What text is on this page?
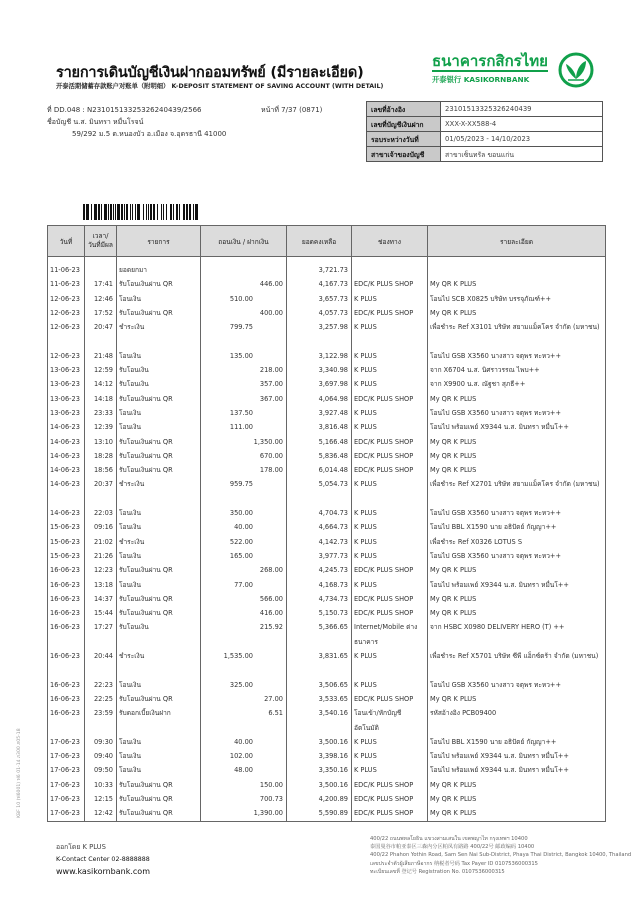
รายการเดินบัญชีเงินฝากออมทรัพย์ (มีรายละเอียด)
开泰活期储蓄存款账户对账单（附明细） K-DEPOSIT STATEMENT OF SAVING ACCOUNT (WITH DETAIL)
ธนาคารกสิกรไทย
开泰银行 KASIKORNBANK
ที่ DD.048 : N2310151332532624043​9/2566	หน้าที่ 7/37 (0871)
ชื่อบัญชี น.ส. มินทรา หมื่นโรจน์
59/292 ม.5 ต.หนองบัว อ.เมือง จ.อุดรธานี 41000
เลขที่อ้างอิง	231015133253262404​39
เลขที่บัญชีเงินฝาก	XXX-X-XX588-4
รอบระหว่างวันที่	01/05/2023 - 14/10/2023
สาขาเจ้าของบัญชี	สาขาเซ็นทรัล ขอนแก่น
วันที่	เวลา/
วันที่มีผล	รายการ	ถอนเงิน / ฝากเงิน	ยอดคงเหลือ	ช่องทาง	รายละเอียด
11-06-23		ยอดยกมา		3,721.73		
11-06-23	17:41	รับโอนเงินผ่าน QR	446.00	4,167.73	EDC/K PLUS SHOP	My QR K PLUS
12-06-23	12:46	โอนเงิน	510.00	3,657.73	K PLUS	โอนไป SCB X0825 บริษัท บรรจุภัณฑ์++
12-06-23	17:52	รับโอนเงินผ่าน QR	400.00	4,057.73	EDC/K PLUS SHOP	My QR K PLUS
12-06-23	20:47	ชำระเงิน	799.75	3,257.98	K PLUS	เพื่อชำระ Ref X3101 บริษัท สยามแม็คโคร จำกัด (มหาชน)
12-06-23	21:48	โอนเงิน	135.00	3,122.98	K PLUS	โอนไป GSB X3560 นางสาว จตุพร ทะหว++
13-06-23	12:59	รับโอนเงิน	218.00	3,340.98	K PLUS	จาก X6704 น.ส. นิศราวรรณ ไพบ++
13-06-23	14:12	รับโอนเงิน	357.00	3,697.98	K PLUS	จาก X9900 น.ส. ณัฐชา สุภธี++
13-06-23	14:18	รับโอนเงินผ่าน QR	367.00	4,064.98	EDC/K PLUS SHOP	My QR K PLUS
13-06-23	23:33	โอนเงิน	137.50	3,927.48	K PLUS	โอนไป GSB X3560 นางสาว จตุพร ทะหว++
14-06-23	12:39	โอนเงิน	111.00	3,816.48	K PLUS	โอนไป พร้อมเพย์ X9344 น.ส. มินทรา หมื่นโ++
14-06-23	13:10	รับโอนเงินผ่าน QR	1,350.00	5,166.48	EDC/K PLUS SHOP	My QR K PLUS
14-06-23	18:28	รับโอนเงินผ่าน QR	670.00	5,836.48	EDC/K PLUS SHOP	My QR K PLUS
14-06-23	18:56	รับโอนเงินผ่าน QR	178.00	6,014.48	EDC/K PLUS SHOP	My QR K PLUS
14-06-23	20:37	ชำระเงิน	959.75	5,054.73	K PLUS	เพื่อชำระ Ref X2701 บริษัท สยามแม็คโคร จำกัด (มหาชน)
14-06-23	22:03	โอนเงิน	350.00	4,704.73	K PLUS	โอนไป GSB X3560 นางสาว จตุพร ทะหว++
15-06-23	09:16	โอนเงิน	40.00	4,664.73	K PLUS	โอนไป BBL X1590 นาย อธิปัตย์ กัญญา++
15-06-23	21:02	ชำระเงิน	522.00	4,142.73	K PLUS	เพื่อชำระ Ref X0326 LOTUS S
15-06-23	21:26	โอนเงิน	165.00	3,977.73	K PLUS	โอนไป GSB X3560 นางสาว จตุพร ทะหว++
16-06-23	12:23	รับโอนเงินผ่าน QR	268.00	4,245.73	EDC/K PLUS SHOP	My QR K PLUS
16-06-23	13:18	โอนเงิน	77.00	4,168.73	K PLUS	โอนไป พร้อมเพย์ X9344 น.ส. มินทรา หมื่นโ++
16-06-23	14:37	รับโอนเงินผ่าน QR	566.00	4,734.73	EDC/K PLUS SHOP	My QR K PLUS
16-06-23	15:44	รับโอนเงินผ่าน QR	416.00	5,150.73	EDC/K PLUS SHOP	My QR K PLUS
16-06-23	17:27	รับโอนเงิน	215.92	5,366.65	Internet/Mobile ต่างธนาคาร	จาก HSBC X0980 DELIVERY HERO (T) ++
16-06-23	20:44	ชำระเงิน	1,535.00	3,831.65	K PLUS	เพื่อชำระ Ref X5701 บริษัท ซีพี แอ็กซ์ตร้า จำกัด (มหาชน)
16-06-23	22:23	โอนเงิน	325.00	3,506.65	K PLUS	โอนไป GSB X3560 นางสาว จตุพร ทะหว++
16-06-23	22:25	รับโอนเงินผ่าน QR	27.00	3,533.65	EDC/K PLUS SHOP	My QR K PLUS
16-06-23	23:59	รับดอกเบี้ยเงินฝาก	6.51	3,540.16	โอนเข้า/หักบัญชีอัตโนมัติ	รหัสอ้างอิง PCB09400
17-06-23	09:30	โอนเงิน	40.00	3,500.16	K PLUS	โอนไป BBL X1590 นาย อธิปัตย์ กัญญา++
17-06-23	09:40	โอนเงิน	102.00	3,398.16	K PLUS	โอนไป พร้อมเพย์ X9344 น.ส. มินทรา หมื่นโ++
17-06-23	09:50	โอนเงิน	48.00	3,350.16	K PLUS	โอนไป พร้อมเพย์ X9344 น.ส. มินทรา หมื่นโ++
17-06-23	10:33	รับโอนเงินผ่าน QR	150.00	3,500.16	EDC/K PLUS SHOP	My QR K PLUS
17-06-23	12:15	รับโอนเงินผ่าน QR	700.73	4,200.89	EDC/K PLUS SHOP	My QR K PLUS
17-06-23	12:42	รับโอนเงินผ่าน QR	1,390.00	5,590.89	EDC/K PLUS SHOP	My QR K PLUS
ออกโดย K PLUS
K-Contact Center 02-8888888
www.kasikornbank.com
400/22 ถนนพหลโยธิน แขวงสามเสนใน เขตพญาไท กรุงเทพฯ 10400
泰国曼谷市帕亚泰区三森内分区帕凤有路路 400/22号 邮政编码 10400
400/22 Phahon Yothin Road, Sam Sen Nai Sub-District, Phaya Thai District, Bangkok 10400, Thailand
เลขประจำตัวผู้เสียภาษีอากร 纳税者号码 Tax Payer ID 0107536000315
ทะเบียนเลขที่ 登记号 Registration No. 0107536000315
KBF 10 (ฟ6001) ฟ6 01-14 ภ300 ภ05-18
